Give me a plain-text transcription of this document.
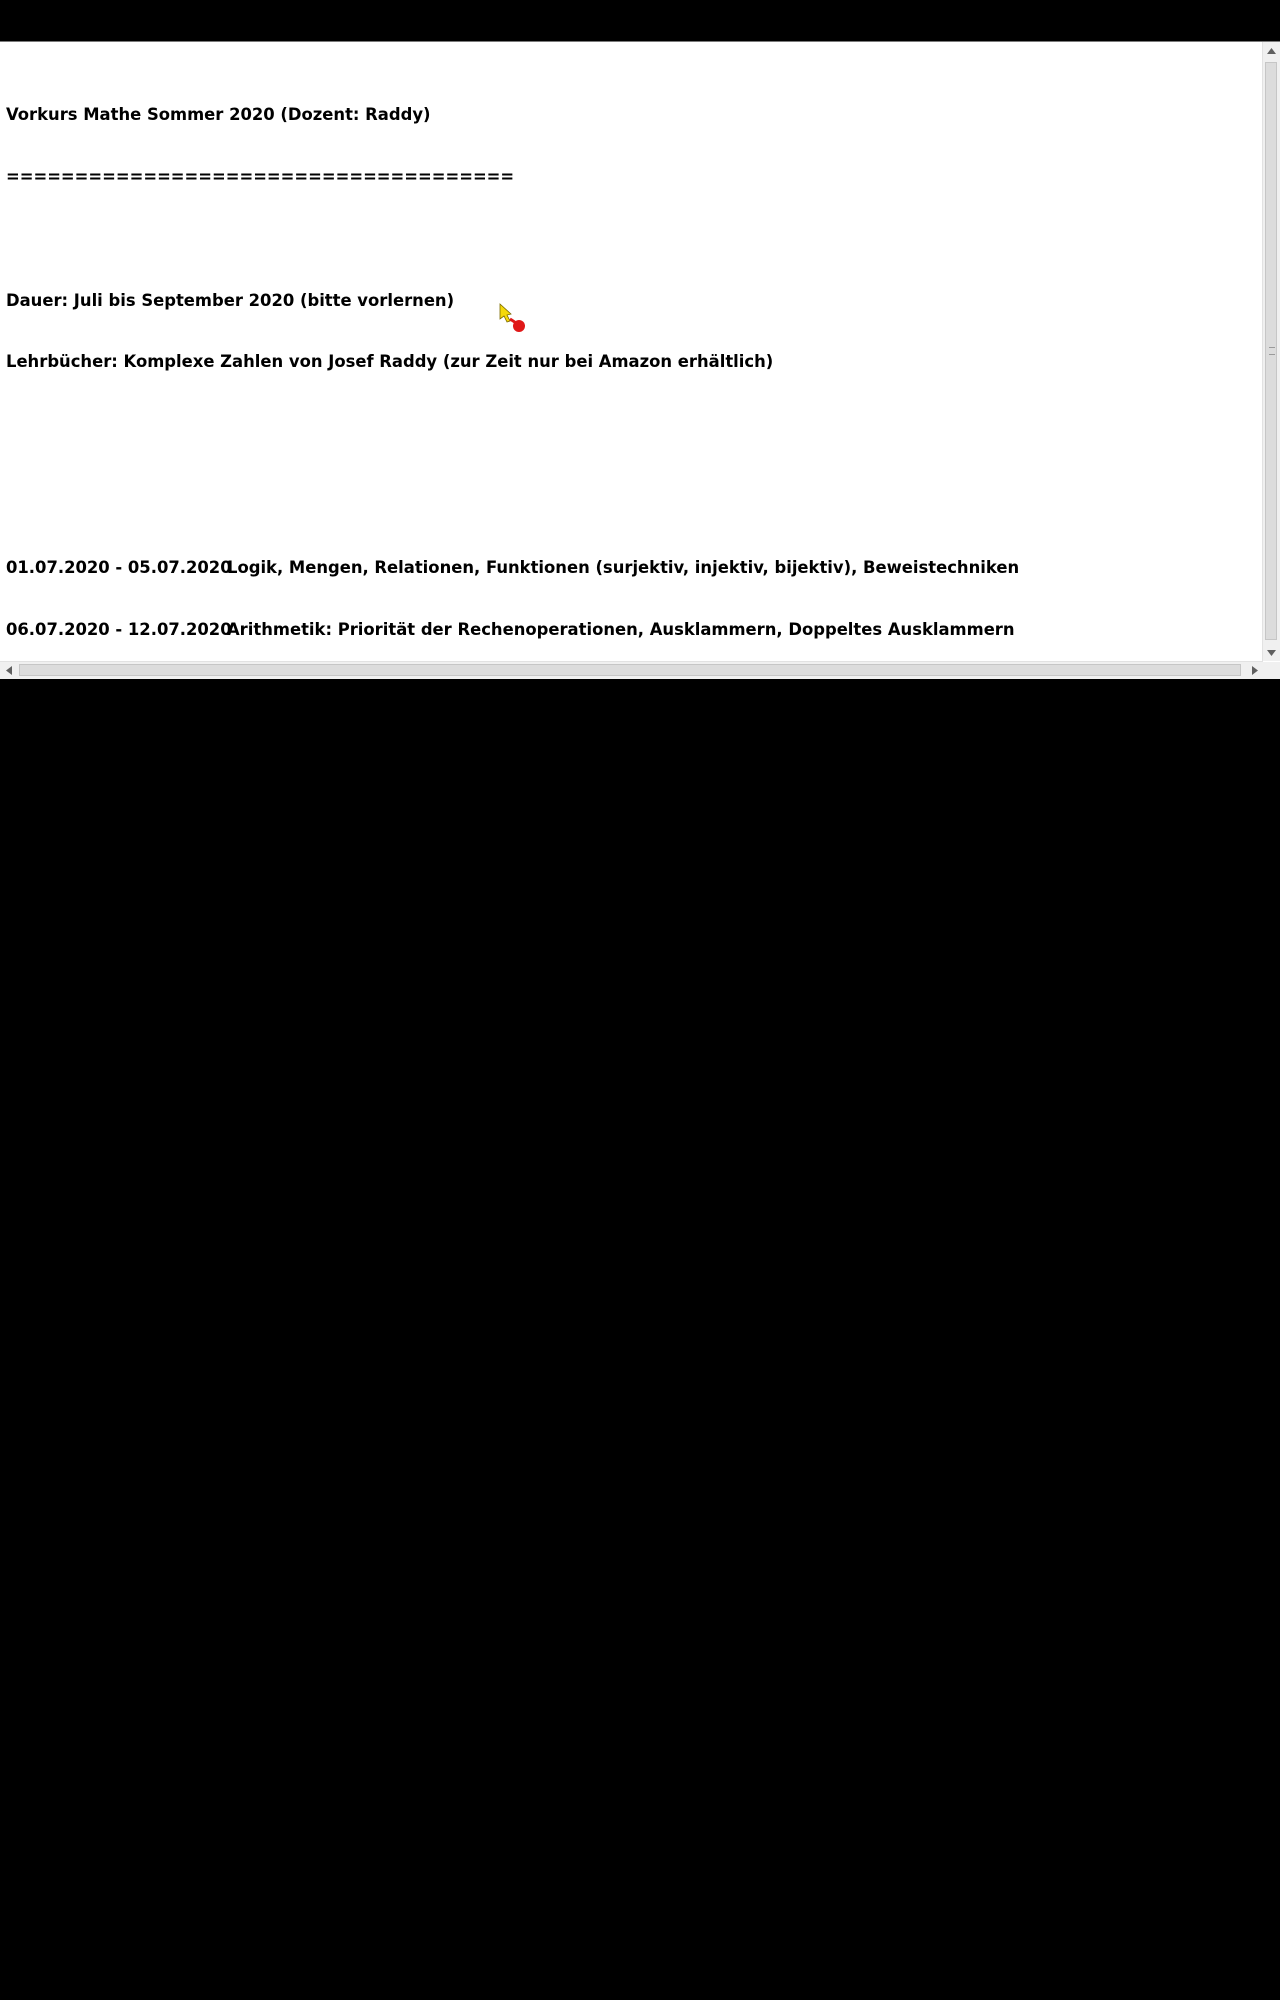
Vorkurs Mathe Sommer 2020 (Dozent: Raddy)

=====================================

Dauer: Juli bis September 2020 (bitte vorlernen)

Lehrbücher: Komplexe Zahlen von Josef Raddy (zur Zeit nur bei Amazon erhältlich)

01.07.2020 - 05.07.2020
Logik, Mengen, Relationen, Funktionen (surjektiv, injektiv, bijektiv), Beweistechniken

06.07.2020 - 12.07.2020
Arithmetik: Priorität der Rechenoperationen, Ausklammern, Doppeltes Ausklammern

13.07.2020 - 19.07.2020
Potenzen, Wurzeln, Logarithmen

20.07.2020 - 26.07.2020
Quadratische Gleichungen, Quadratische Ergänzung, Skalar- und Vektorprodukt

27.07.2020 - 02.08.2020
Gleichungen: Potenz- , Wurzel- , Exponential- und Logarithmusgleichungen

03.08.2020 - 09.08.2020
Ungleichungen

10.08.2020 - 16.08.2020
Allgemeines zu Funktionen (insbesondere Verschiebungen)

17.08.2020 - 23.08.2020
Differentialrechnung (Summen- , Faktor- , Produkt- , Quotienten- und Kettenregel)

24.08.2020 - 30.08.2020
Integralrechnung 1: Grundlagen, Summenregel, Faktorregel

31.08.2020 - 06.09.2020
Integralrechnung 2: Integrationstechniken (Substitution, Partielle Integration, Partialbruchzerlegung)

07.09.2020 - 13.09.2020
Differentialgleichungen 1.Ordnung (Gleichungen, in denen Ableitungen vorkommen)

14.09.2020 - 20.09.2020
Komplexe Zahlen (Lehrbuch bei AMAZON erhältlich)

21.09.2020 - 27.09.2020
Homogene lineare gewöhnliche Differentialgleichungen 2.Ordnung (optional: Inhomogene DGL, D-Operator)

28.09.2020 - 30.09.2020
Abstrakte Algebra (algebraische Strukturen) Gruppen, Körper, Ringe und Vektorräume

Vor dem Vorkurs:	Zeitmanagement, gesunde Ernährung (Ernährungspyramide) und Sport (Dehnen, Kräftigung, Ausdauer)
